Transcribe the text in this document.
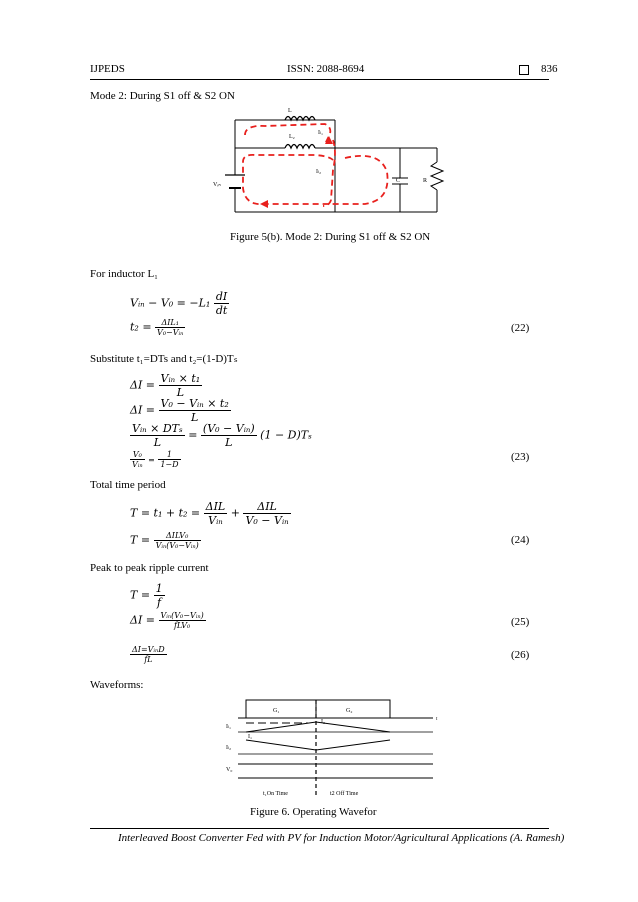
IJPEDS	ISSN: 2088-8694	836
Mode 2: During S1 off & S2 ON
L
L₂
Iₗ₁
Iₗ₂
Vᵢₙ
C	R
Figure 5(b). Mode 2: During S1 off & S2 ON
For inductor L₁
Vᵢₙ − $V_0 = -L_1 \frac{dI}{dt}$
$t_2 = \frac{\text{ΔIL₁}}{\text{V₀−Vᵢₙ}}$	(22)
Substitute t₁=DTs and t₂=(1-D)Tₛ
$\Delta I = \frac{\text{Vᵢₙ × t₁}}{L}$
$\Delta I = \frac{\text{V₀ − Vᵢₙ × t₂}}{L}$
$\frac{\text{Vᵢₙ × DTₛ}}{L} = \frac{\text{(V₀ − Vᵢₙ)}}{L} (1 - D)T_s$
$\frac{\text{V₀}}{\text{Vᵢₙ}} = \frac{1}{1-D}$	(23)
Total time period
$T = t_1 + t_2 = \frac{\text{ΔIL}}{\text{Vᵢₙ}} + \frac{\text{ΔIL}}{\text{V₀ − Vᵢₙ}}$
$T = \frac{\text{ΔILV₀}}{\text{Vᵢₙ(V₀−Vᵢₙ)}}$	(24)
Peak to peak ripple current
$T = \frac{1}{f}$
$\Delta I = \frac{\text{Vᵢₙ(V₀−Vᵢₙ)}}{\text{fLV₀}}$	(25)
$\frac{\text{ΔI=VᵢₙD}}{fL}$	(26)
Waveforms:
G₁	G₂
Iₗ₁
I₂
I₁
Iₗ₂
V₀
t
t₁On Time	t2 Off Time
Figure 6. Operating Wavefor
Interleaved Boost Converter Fed with PV for Induction Motor/Agricultural Applications (A. Ramesh)
